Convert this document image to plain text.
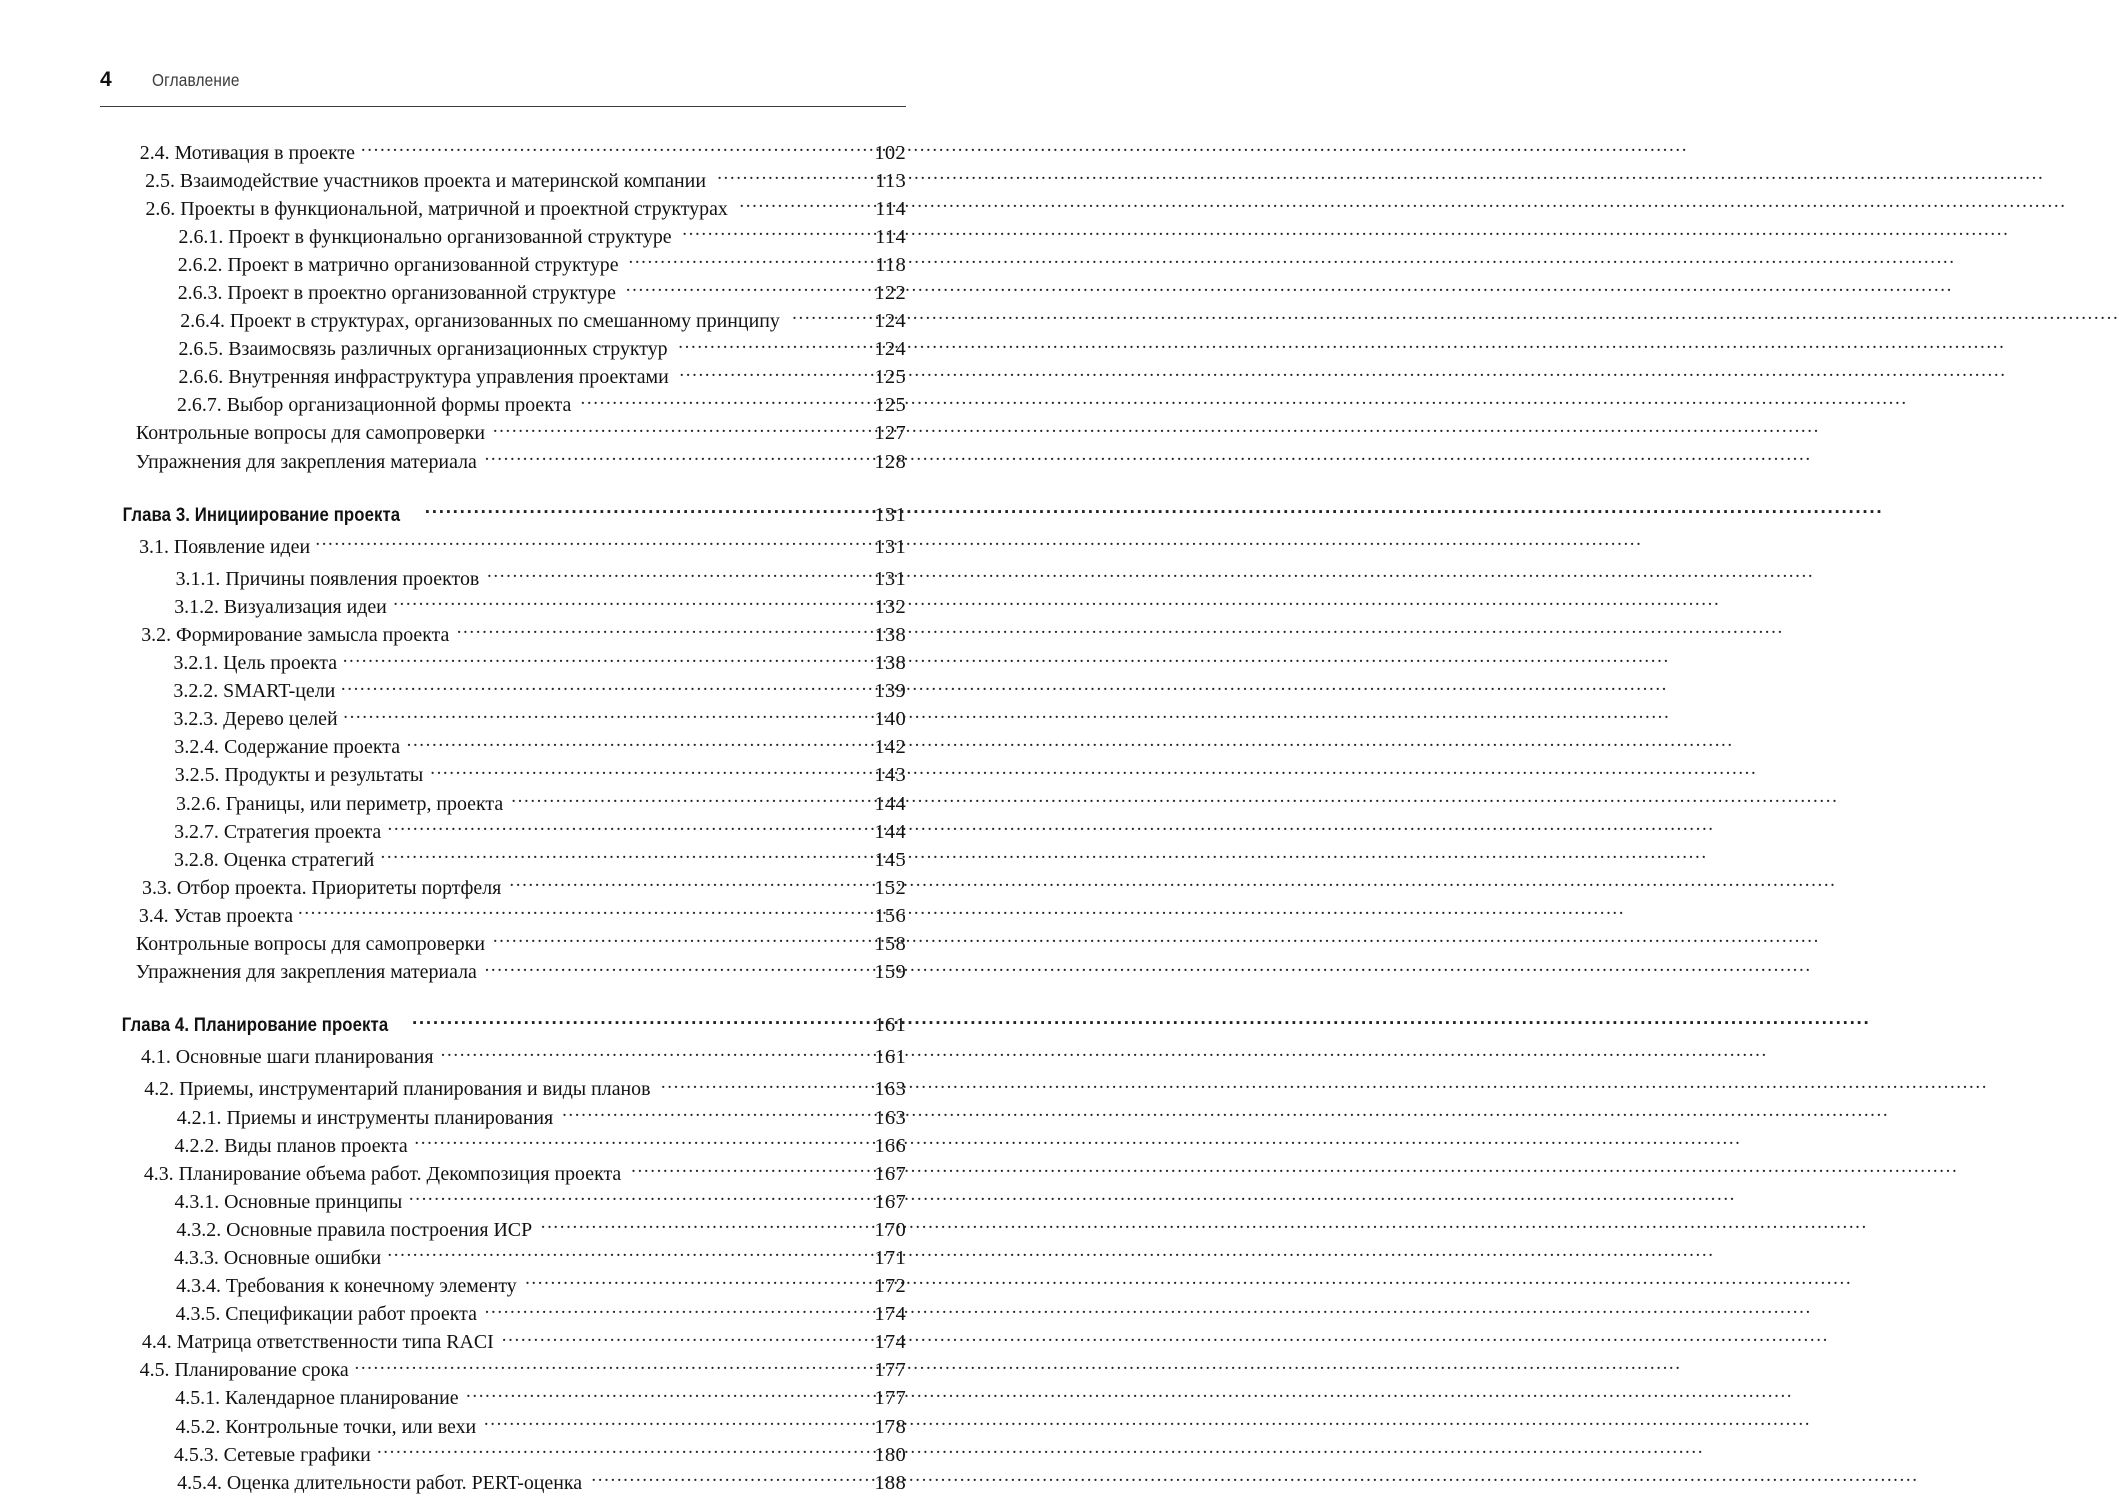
4	Оглавление
2.4. Мотивация в проекте .....	102
2.5. Взаимодействие участников проекта и материнской компании .....	113
2.6. Проекты в функциональной, матричной и проектной структурах .....	114
2.6.1. Проект в функционально организованной структуре .....	114
2.6.2. Проект в матрично организованной структуре .....	118
2.6.3. Проект в проектно организованной структуре .....	122
2.6.4. Проект в структурах, организованных по смешанному принципу .....	124
2.6.5. Взаимосвязь различных организационных структур .....	124
2.6.6. Внутренняя инфраструктура управления проектами .....	125
2.6.7. Выбор организационной формы проекта .....	125
Контрольные вопросы для самопроверки .....	127
Упражнения для закрепления материала .....	128
Глава 3. Инициирование проекта .....	131
3.1. Появление идеи .....	131
3.1.1. Причины появления проектов .....	131
3.1.2. Визуализация идеи .....	132
3.2. Формирование замысла проекта .....	138
3.2.1. Цель проекта .....	138
3.2.2. SMART-цели .....	139
3.2.3. Дерево целей .....	140
3.2.4. Содержание проекта .....	142
3.2.5. Продукты и результаты .....	143
3.2.6. Границы, или периметр, проекта .....	144
3.2.7. Стратегия проекта .....	144
3.2.8. Оценка стратегий .....	145
3.3. Отбор проекта. Приоритеты портфеля .....	152
3.4. Устав проекта .....	156
Контрольные вопросы для самопроверки .....	158
Упражнения для закрепления материала .....	159
Глава 4. Планирование проекта .....	161
4.1. Основные шаги планирования .....	161
4.2. Приемы, инструментарий планирования и виды планов .....	163
4.2.1. Приемы и инструменты планирования .....	163
4.2.2. Виды планов проекта .....	166
4.3. Планирование объема работ. Декомпозиция проекта .....	167
4.3.1. Основные принципы .....	167
4.3.2. Основные правила построения ИСР .....	170
4.3.3. Основные ошибки .....	171
4.3.4. Требования к конечному элементу .....	172
4.3.5. Спецификации работ проекта .....	174
4.4. Матрица ответственности типа RACI .....	174
4.5. Планирование срока .....	177
4.5.1. Календарное планирование .....	177
4.5.2. Контрольные точки, или вехи .....	178
4.5.3. Сетевые графики .....	180
4.5.4. Оценка длительности работ. PERT-оценка .....	188
